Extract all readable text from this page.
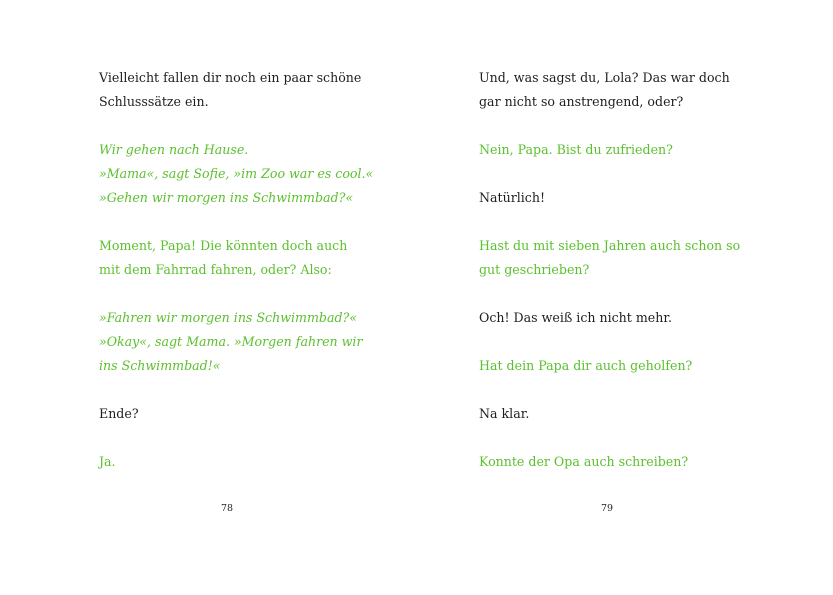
Vielleicht fallen dir noch ein paar schöne
Schlusssätze ein.
Wir gehen nach Hause.
»Mama«, sagt Sofie, »im Zoo war es cool.«
»Gehen wir morgen ins Schwimmbad?«
Moment, Papa! Die könnten doch auch
mit dem Fahrrad fahren, oder? Also:
»Fahren wir morgen ins Schwimmbad?«
»Okay«, sagt Mama. »Morgen fahren wir
ins Schwimmbad!«
Ende?
Ja.
Und, was sagst du, Lola? Das war doch
gar nicht so anstrengend, oder?
Nein, Papa. Bist du zufrieden?
Natürlich!
Hast du mit sieben Jahren auch schon so
gut geschrieben?
Och! Das weiß ich nicht mehr.
Hat dein Papa dir auch geholfen?
Na klar.
Konnte der Opa auch schreiben?
78	79
